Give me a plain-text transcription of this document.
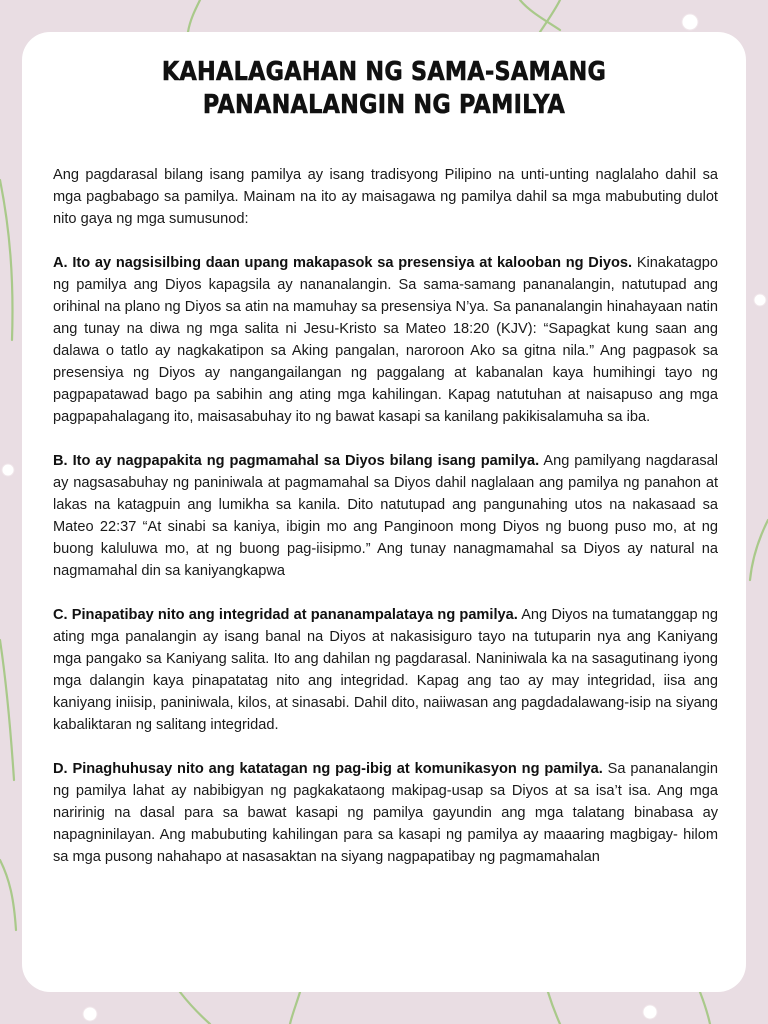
KAHALAGAHAN NG SAMA-SAMANG
PANANALANGIN NG PAMILYA

Ang pagdarasal bilang isang pamilya ay isang tradisyong Pilipino na unti-unting naglalaho dahil sa mga pagbabago sa pamilya. Mainam na ito ay maisagawa ng pamilya dahil sa mga mabubuting dulot nito gaya ng mga sumusunod:

A. Ito ay nagsisilbing daan upang makapasok sa presensiya at kalooban ng Diyos. Kinakatagpo ng pamilya ang Diyos kapagsila ay nananalangin. Sa sama-samang pananalangin, natutupad ang orihinal na plano ng Diyos sa atin na mamuhay sa presensiya N’ya. Sa pananalangin hinahayaan natin ang tunay na diwa ng mga salita ni Jesu-Kristo sa Mateo 18:20 (KJV): “Sapagkat kung saan ang dalawa o tatlo ay nagkakatipon sa Aking pangalan, naroroon Ako sa gitna nila.” Ang pagpasok sa presensiya ng Diyos ay nangangailangan ng paggalang at kabanalan kaya humihingi tayo ng pagpapatawad bago pa sabihin ang ating mga kahilingan. Kapag natutuhan at naisapuso ang mga pagpapahalagang ito, maisasabuhay ito ng bawat kasapi sa kanilang pakikisalamuha sa iba.

B. Ito ay nagpapakita ng pagmamahal sa Diyos bilang isang pamilya. Ang pamilyang nagdarasal ay nagsasabuhay ng paniniwala at pagmamahal sa Diyos dahil naglalaan ang pamilya ng panahon at lakas na katagpuin ang lumikha sa kanila. Dito natutupad ang pangunahing utos na nakasaad sa Mateo 22:37 “At sinabi sa kaniya, ibigin mo ang Panginoon mong Diyos ng buong puso mo, at ng buong kaluluwa mo, at ng buong pag-iisipmo.” Ang tunay nanagmamahal sa Diyos ay natural na nagmamahal din sa kaniyangkapwa

C. Pinapatibay nito ang integridad at pananampalataya ng pamilya. Ang Diyos na tumatanggap ng ating mga panalangin ay isang banal na Diyos at nakasisiguro tayo na tutuparin nya ang Kaniyang mga pangako sa Kaniyang salita. Ito ang dahilan ng pagdarasal. Naniniwala ka na sasagutinang iyong mga dalangin kaya pinapatatag nito ang integridad. Kapag ang tao ay may integridad, iisa ang kaniyang iniisip, paniniwala, kilos, at sinasabi. Dahil dito, naiiwasan ang pagdadalawang-isip na siyang kabaliktaran ng salitang integridad.

D. Pinaghuhusay nito ang katatagan ng pag-ibig at komunikasyon ng pamilya. Sa pananalangin ng pamilya lahat ay nabibigyan ng pagkakataong makipag-usap sa Diyos at sa isa’t isa. Ang mga naririnig na dasal para sa bawat kasapi ng pamilya gayundin ang mga talatang binabasa ay napagninilayan. Ang mabubuting kahilingan para sa kasapi ng pamilya ay maaaring magbigay- hilom sa mga pusong nahahapo at nasasaktan na siyang nagpapatibay ng pagmamahalan
